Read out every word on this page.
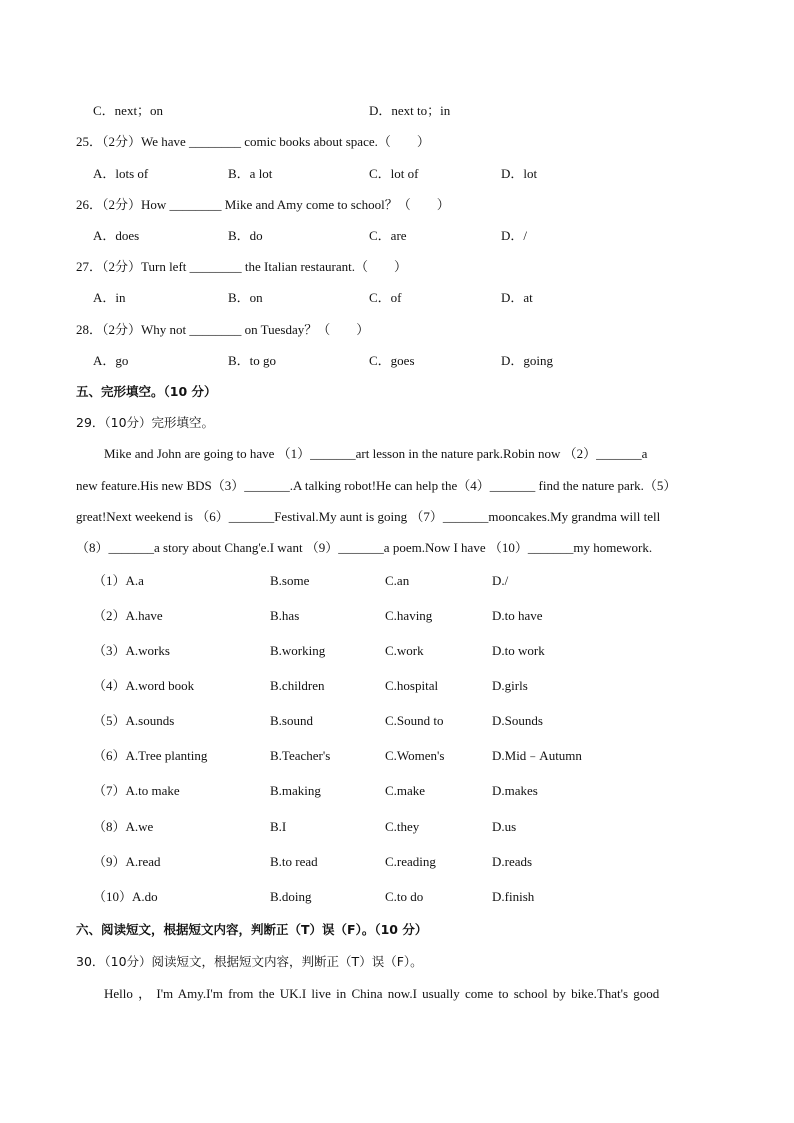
C．next；on	D．next to；in
25．（2分）We have ________ comic books about space.（　　）
A．lots of	B．a lot	C．lot of	D．lot
26．（2分）How ________ Mike and Amy come to school？（　　）
A．does	B．do	C．are	D．/
27．（2分）Turn left ________ the Italian restaurant.（　　）
A．in	B．on	C．of	D．at
28．（2分）Why not ________ on Tuesday？（　　）
A．go	B．to go	C．goes	D．going
五、完形填空。（10 分）
29．（10分）完形填空。
Mike and John are going to have （1）_______art lesson in the nature park.Robin now （2）_______a
new feature.His new BDS（3）_______.A talking robot!He can help the（4）_______ find the nature park.（5）
great!Next weekend is （6）_______Festival.My aunt is going （7）_______mooncakes.My grandma will tell
（8）_______a story about Chang'e.I want （9）_______a poem.Now I have （10）_______my homework.
（1）A.a	B.some	C.an	D./
（2）A.have	B.has	C.having	D.to have
（3）A.works	B.working	C.work	D.to work
（4）A.word book	B.children	C.hospital	D.girls
（5）A.sounds	B.sound	C.Sound to	D.Sounds
（6）A.Tree planting	B.Teacher's	C.Women's	D.Mid﹣Autumn
（7）A.to make	B.making	C.make	D.makes
（8）A.we	B.I	C.they	D.us
（9）A.read	B.to read	C.reading	D.reads
（10）A.do	B.doing	C.to do	D.finish
六、阅读短文，根据短文内容，判断正（T）误（F）。（10 分）
30．（10分）阅读短文，根据短文内容，判断正（T）误（F）。
Hello ， I'm Amy.I'm from the UK.I live in China now.I usually come to school by bike.That's good
